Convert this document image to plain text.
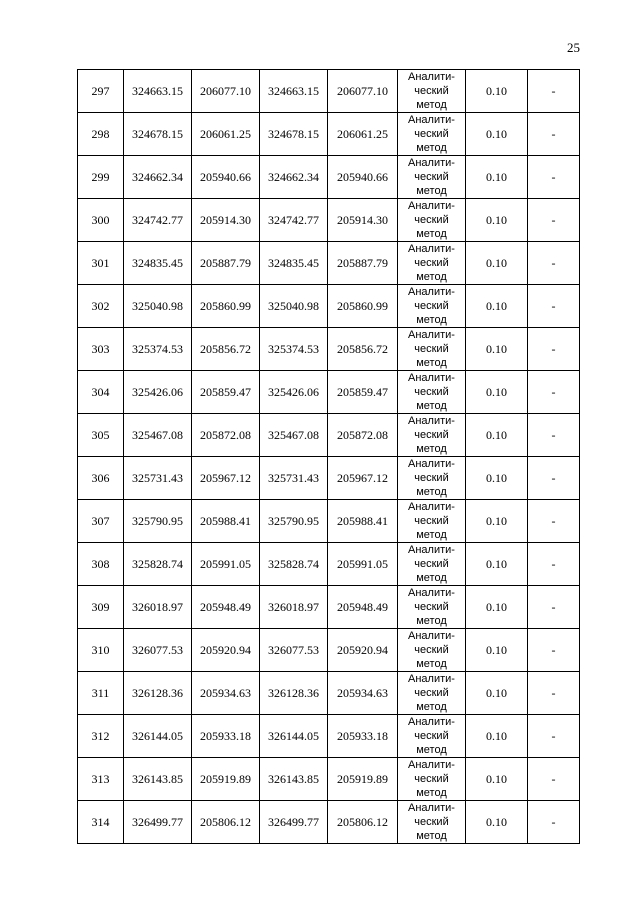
25
297	324663.15	206077.10	324663.15	206077.10	Аналити-
ческий
метод	0.10	-
298	324678.15	206061.25	324678.15	206061.25	Аналити-
ческий
метод	0.10	-
299	324662.34	205940.66	324662.34	205940.66	Аналити-
ческий
метод	0.10	-
300	324742.77	205914.30	324742.77	205914.30	Аналити-
ческий
метод	0.10	-
301	324835.45	205887.79	324835.45	205887.79	Аналити-
ческий
метод	0.10	-
302	325040.98	205860.99	325040.98	205860.99	Аналити-
ческий
метод	0.10	-
303	325374.53	205856.72	325374.53	205856.72	Аналити-
ческий
метод	0.10	-
304	325426.06	205859.47	325426.06	205859.47	Аналити-
ческий
метод	0.10	-
305	325467.08	205872.08	325467.08	205872.08	Аналити-
ческий
метод	0.10	-
306	325731.43	205967.12	325731.43	205967.12	Аналити-
ческий
метод	0.10	-
307	325790.95	205988.41	325790.95	205988.41	Аналити-
ческий
метод	0.10	-
308	325828.74	205991.05	325828.74	205991.05	Аналити-
ческий
метод	0.10	-
309	326018.97	205948.49	326018.97	205948.49	Аналити-
ческий
метод	0.10	-
310	326077.53	205920.94	326077.53	205920.94	Аналити-
ческий
метод	0.10	-
311	326128.36	205934.63	326128.36	205934.63	Аналити-
ческий
метод	0.10	-
312	326144.05	205933.18	326144.05	205933.18	Аналити-
ческий
метод	0.10	-
313	326143.85	205919.89	326143.85	205919.89	Аналити-
ческий
метод	0.10	-
314	326499.77	205806.12	326499.77	205806.12	Аналити-
ческий
метод	0.10	-
